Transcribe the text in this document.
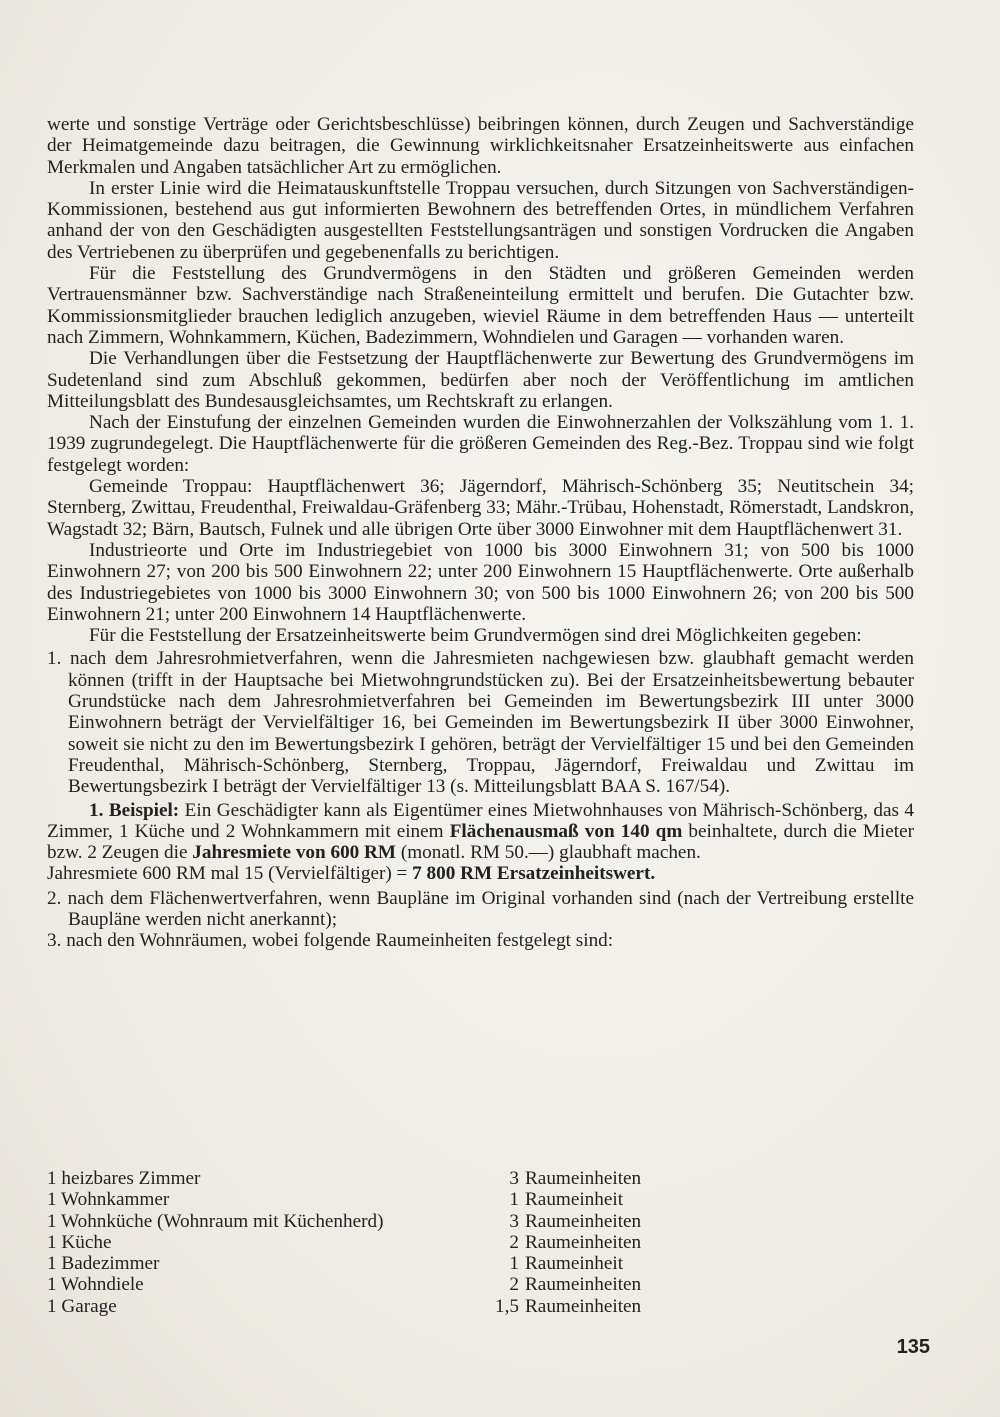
werte und sonstige Verträge oder Gerichtsbeschlüsse) beibringen können, durch Zeugen und Sachverständige der Heimatgemeinde dazu beitragen, die Gewinnung wirklichkeitsnaher Ersatzeinheitswerte aus einfachen Merkmalen und Angaben tatsächlicher Art zu ermöglichen.

In erster Linie wird die Heimatauskunftstelle Troppau versuchen, durch Sitzungen von Sachverständigen-Kommissionen, bestehend aus gut informierten Bewohnern des betreffenden Ortes, in mündlichem Verfahren anhand der von den Geschädigten ausgestellten Feststellungsanträgen und sonstigen Vordrucken die Angaben des Vertriebenen zu überprüfen und gegebenenfalls zu berichtigen.

Für die Feststellung des Grundvermögens in den Städten und größeren Gemeinden werden Vertrauensmänner bzw. Sachverständige nach Straßeneinteilung ermittelt und berufen. Die Gutachter bzw. Kommissionsmitglieder brauchen lediglich anzugeben, wieviel Räume in dem betreffenden Haus — unterteilt nach Zimmern, Wohnkammern, Küchen, Badezimmern, Wohndielen und Garagen — vorhanden waren.

Die Verhandlungen über die Festsetzung der Hauptflächenwerte zur Bewertung des Grundvermögens im Sudetenland sind zum Abschluß gekommen, bedürfen aber noch der Veröffentlichung im amtlichen Mitteilungsblatt des Bundesausgleichsamtes, um Rechtskraft zu erlangen.

Nach der Einstufung der einzelnen Gemeinden wurden die Einwohnerzahlen der Volkszählung vom 1. 1. 1939 zugrundegelegt. Die Hauptflächenwerte für die größeren Gemeinden des Reg.-Bez. Troppau sind wie folgt festgelegt worden:

Gemeinde Troppau: Hauptflächenwert 36; Jägerndorf, Mährisch-Schönberg 35; Neutitschein 34; Sternberg, Zwittau, Freudenthal, Freiwaldau-Gräfenberg 33; Mähr.-Trübau, Hohenstadt, Römerstadt, Landskron, Wagstadt 32; Bärn, Bautsch, Fulnek und alle übrigen Orte über 3000 Einwohner mit dem Hauptflächenwert 31.

Industrieorte und Orte im Industriegebiet von 1000 bis 3000 Einwohnern 31; von 500 bis 1000 Einwohnern 27; von 200 bis 500 Einwohnern 22; unter 200 Einwohnern 15 Hauptflächenwerte. Orte außerhalb des Industriegebietes von 1000 bis 3000 Einwohnern 30; von 500 bis 1000 Einwohnern 26; von 200 bis 500 Einwohnern 21; unter 200 Einwohnern 14 Hauptflächenwerte.

Für die Feststellung der Ersatzeinheitswerte beim Grundvermögen sind drei Möglichkeiten gegeben:

1. nach dem Jahresrohmietverfahren, wenn die Jahresmieten nachgewiesen bzw. glaubhaft gemacht werden können (trifft in der Hauptsache bei Mietwohngrundstücken zu). Bei der Ersatzeinheitsbewertung bebauter Grundstücke nach dem Jahresrohmietverfahren bei Gemeinden im Bewertungsbezirk III unter 3000 Einwohnern beträgt der Vervielfältiger 16, bei Gemeinden im Bewertungsbezirk II über 3000 Einwohner, soweit sie nicht zu den im Bewertungsbezirk I gehören, beträgt der Vervielfältiger 15 und bei den Gemeinden Freudenthal, Mährisch-Schönberg, Sternberg, Troppau, Jägerndorf, Freiwaldau und Zwittau im Bewertungsbezirk I beträgt der Vervielfältiger 13 (s. Mitteilungsblatt BAA S. 167/54).

1. Beispiel: Ein Geschädigter kann als Eigentümer eines Mietwohnhauses von Mährisch-Schönberg, das 4 Zimmer, 1 Küche und 2 Wohnkammern mit einem Flächenausmaß von 140 qm beinhaltete, durch die Mieter bzw. 2 Zeugen die Jahresmiete von 600 RM (monatl. RM 50.—) glaubhaft machen.

Jahresmiete 600 RM mal 15 (Vervielfältiger) = 7 800 RM Ersatzeinheitswert.

2. nach dem Flächenwertverfahren, wenn Baupläne im Original vorhanden sind (nach der Vertreibung erstellte Baupläne werden nicht anerkannt);

3. nach den Wohnräumen, wobei folgende Raumeinheiten festgelegt sind:

1 heizbares Zimmer	3 Raumeinheiten
1 Wohnkammer	1 Raumeinheit
1 Wohnküche (Wohnraum mit Küchenherd)	3 Raumeinheiten
1 Küche	2 Raumeinheiten
1 Badezimmer	1 Raumeinheit
1 Wohndiele	2 Raumeinheiten
1 Garage	1,5 Raumeinheiten
135
